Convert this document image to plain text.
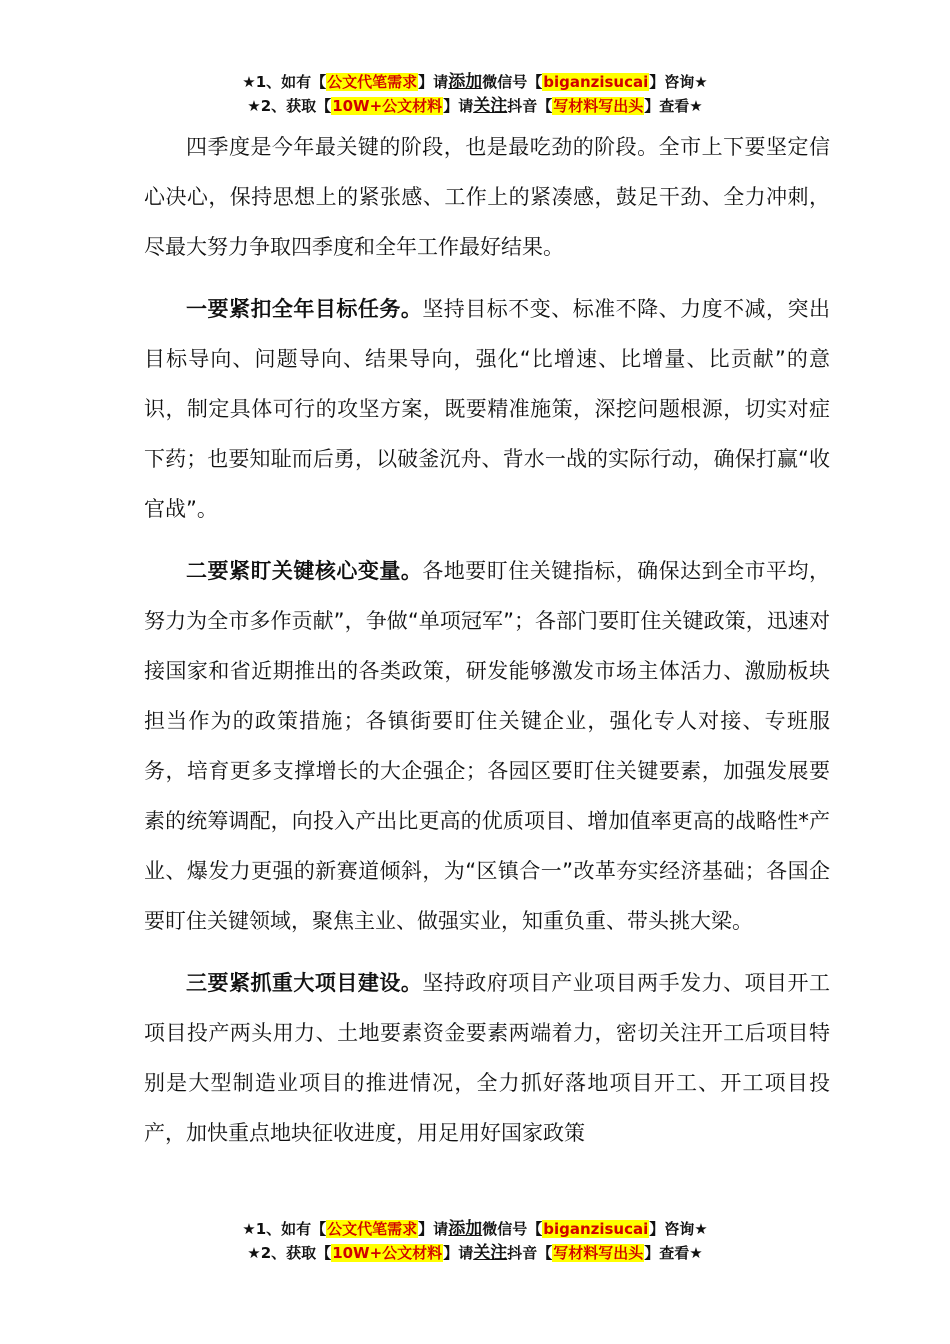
★1、如有【公文代笔需求】请添加微信号【biganzisucai】咨询★
★2、获取【10W+公文材料】请关注抖音【写材料写出头】查看★

四季度是今年最关键的阶段，也是最吃劲的阶段。全市上下要坚定信心决心，保持思想上的紧张感、工作上的紧凑感，鼓足干劲、全力冲刺，尽最大努力争取四季度和全年工作最好结果。

一要紧扣全年目标任务。坚持目标不变、标准不降、力度不减，突出目标导向、问题导向、结果导向，强化“比增速、比增量、比贡献”的意识，制定具体可行的攻坚方案，既要精准施策，深挖问题根源，切实对症下药；也要知耻而后勇，以破釜沉舟、背水一战的实际行动，确保打赢“收官战”。

二要紧盯关键核心变量。各地要盯住关键指标，确保达到全市平均，努力为全市多作贡献”，争做“单项冠军”；各部门要盯住关键政策，迅速对接国家和省近期推出的各类政策，研发能够激发市场主体活力、激励板块担当作为的政策措施；各镇街要盯住关键企业，强化专人对接、专班服务，培育更多支撑增长的大企强企；各园区要盯住关键要素，加强发展要素的统筹调配，向投入产出比更高的优质项目、增加值率更高的战略性*产业、爆发力更强的新赛道倾斜，为“区镇合一”改革夯实经济基础；各国企要盯住关键领域，聚焦主业、做强实业，知重负重、带头挑大梁。

三要紧抓重大项目建设。坚持政府项目产业项目两手发力、项目开工项目投产两头用力、土地要素资金要素两端着力，密切关注开工后项目特别是大型制造业项目的推进情况，全力抓好落地项目开工、开工项目投产，加快重点地块征收进度，用足用好国家政策

★1、如有【公文代笔需求】请添加微信号【biganzisucai】咨询★
★2、获取【10W+公文材料】请关注抖音【写材料写出头】查看★
